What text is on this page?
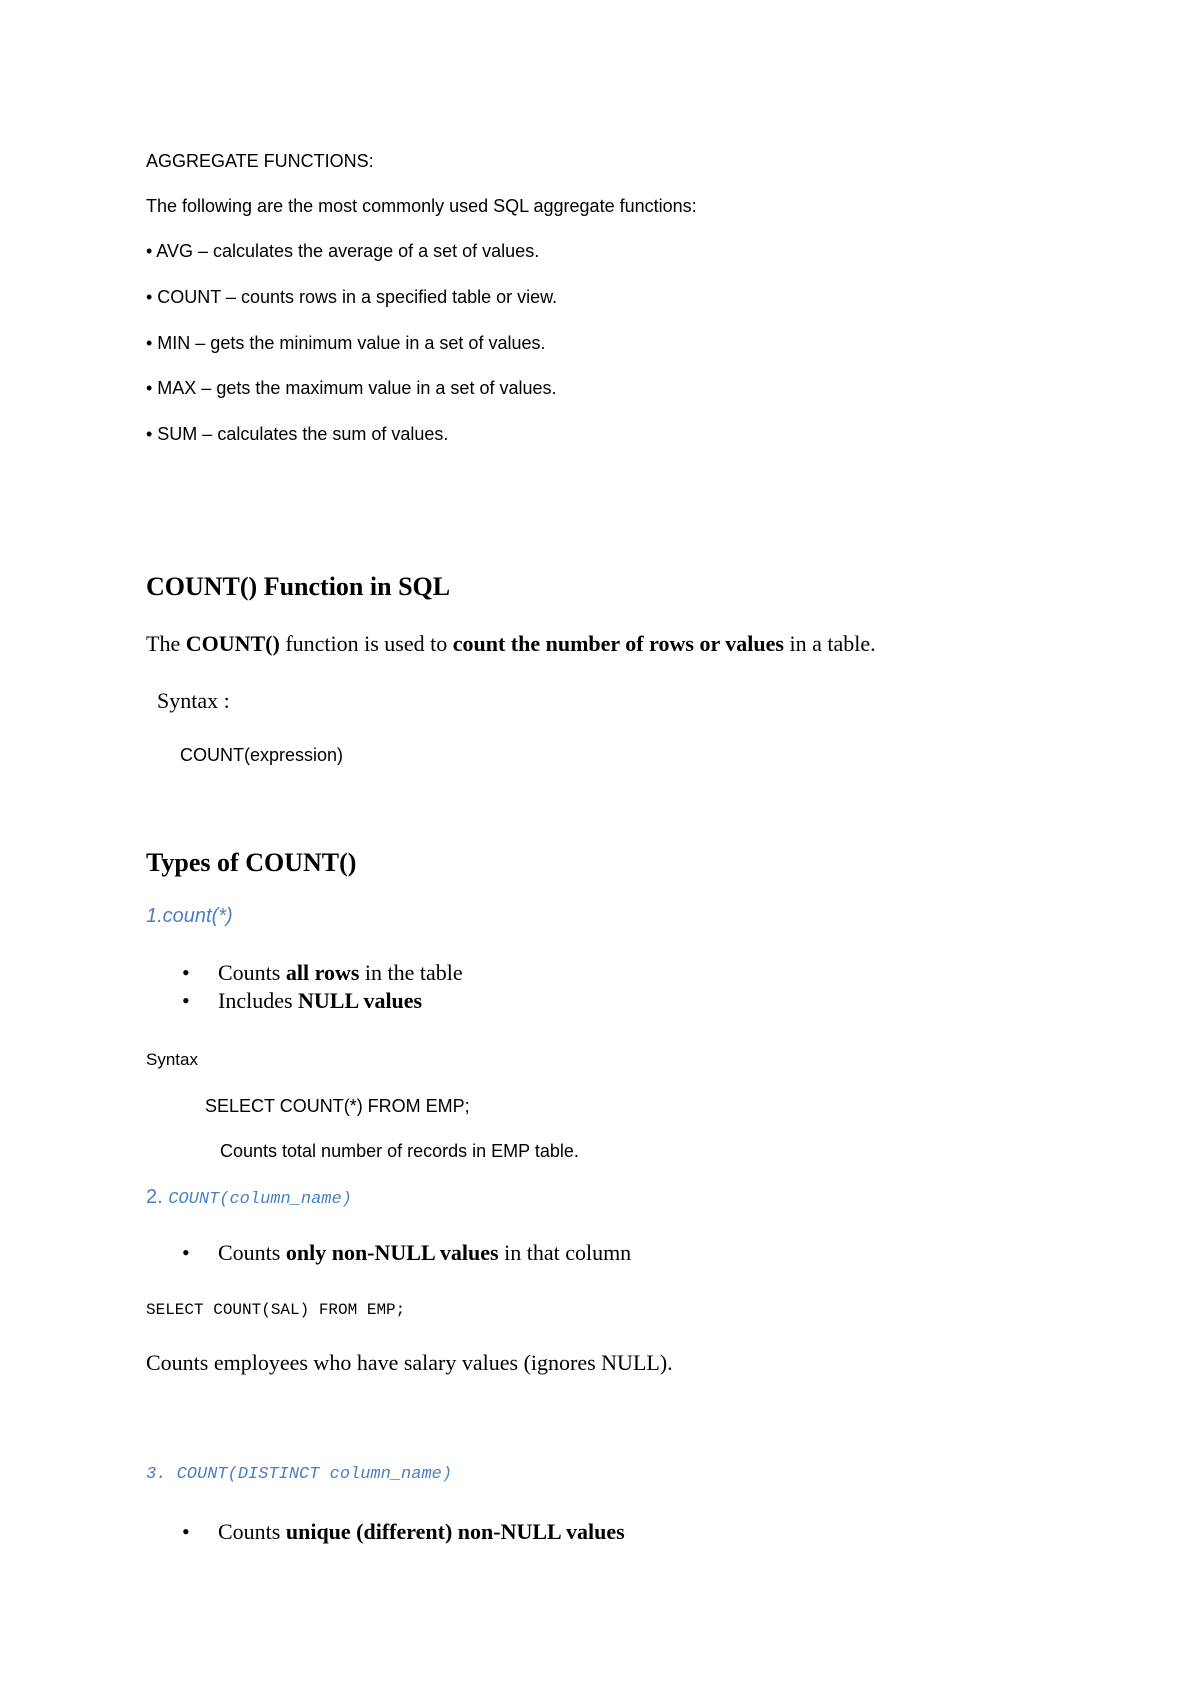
AGGREGATE FUNCTIONS:
The following are the most commonly used SQL aggregate functions:
• AVG – calculates the average of a set of values.
• COUNT – counts rows in a specified table or view.
• MIN – gets the minimum value in a set of values.
• MAX – gets the maximum value in a set of values.
• SUM – calculates the sum of values.
COUNT() Function in SQL
The COUNT() function is used to count the number of rows or values in a table.
Syntax :
COUNT(expression)
Types of COUNT()
1.count(*)
• Counts all rows in the table
• Includes NULL values
Syntax
SELECT COUNT(*) FROM EMP;
Counts total number of records in EMP table.
2. COUNT(column_name)
• Counts only non-NULL values in that column
SELECT COUNT(SAL) FROM EMP;
Counts employees who have salary values (ignores NULL).
3. COUNT(DISTINCT column_name)
• Counts unique (different) non-NULL values
